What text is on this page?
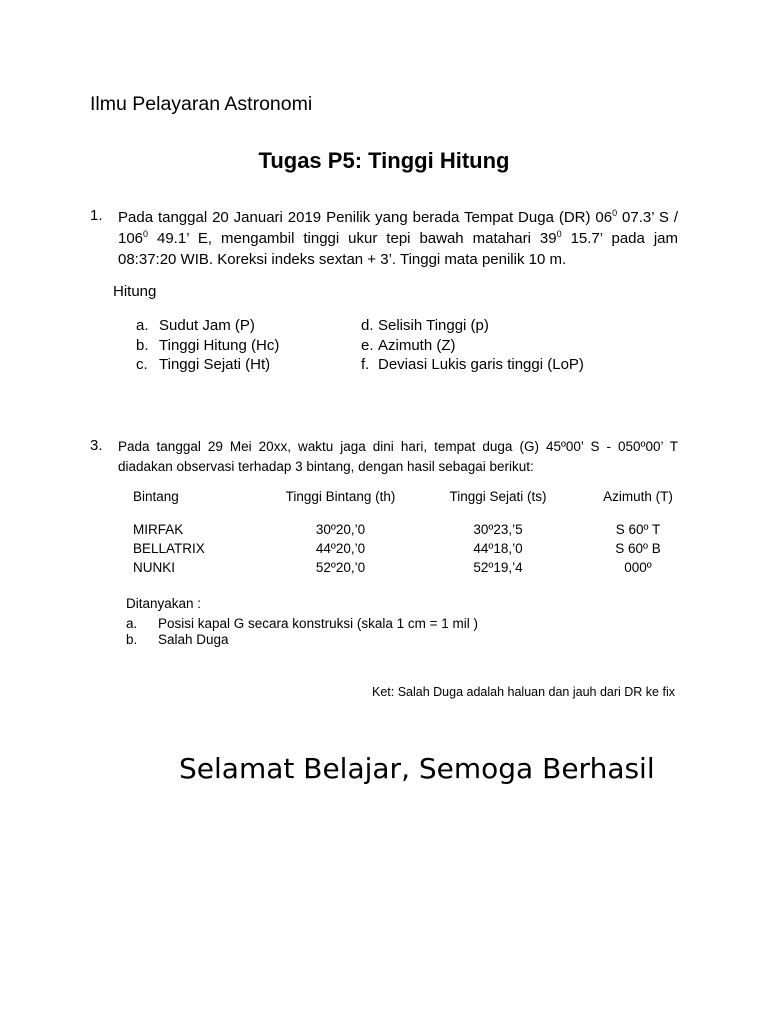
Ilmu Pelayaran Astronomi
Tugas P5: Tinggi Hitung
1. Pada tanggal 20 Januari 2019 Penilik yang berada Tempat Duga (DR) $06^0$ 07.3’ S /
$106^0$ 49.1’ E, mengambil tinggi ukur tepi bawah matahari $39^0$ 15.7’ pada jam
08:37:20 WIB. Koreksi indeks sextan + 3’. Tinggi mata penilik 10 m.
Hitung
a. Sudut Jam (P)
b. Tinggi Hitung (Hc)
c. Tinggi Sejati (Ht)
d. Selisih Tinggi (p)
e. Azimuth (Z)
f. Deviasi Lukis garis tinggi (LoP)
3. Pada tanggal 29 Mei 20xx, waktu jaga dini hari, tempat duga (G) 45º00’ S - 050º00’ T
diadakan observasi terhadap 3 bintang, dengan hasil sebagai berikut:
Bintang	Tinggi Bintang (th)	Tinggi Sejati (ts)	Azimuth (T)

MIRFAK	30º20,’0	30º23,’5	S 60º T
BELLATRIX	44º20,’0	44º18,’0	S 60º B
NUNKI	52º20,’0	52º19,’4	000º
Ditanyakan :
a. Posisi kapal G secara konstruksi (skala 1 cm = 1 mil )
b. Salah Duga
Ket: Salah Duga adalah haluan dan jauh dari DR ke fix
Selamat Belajar, Semoga Berhasil
